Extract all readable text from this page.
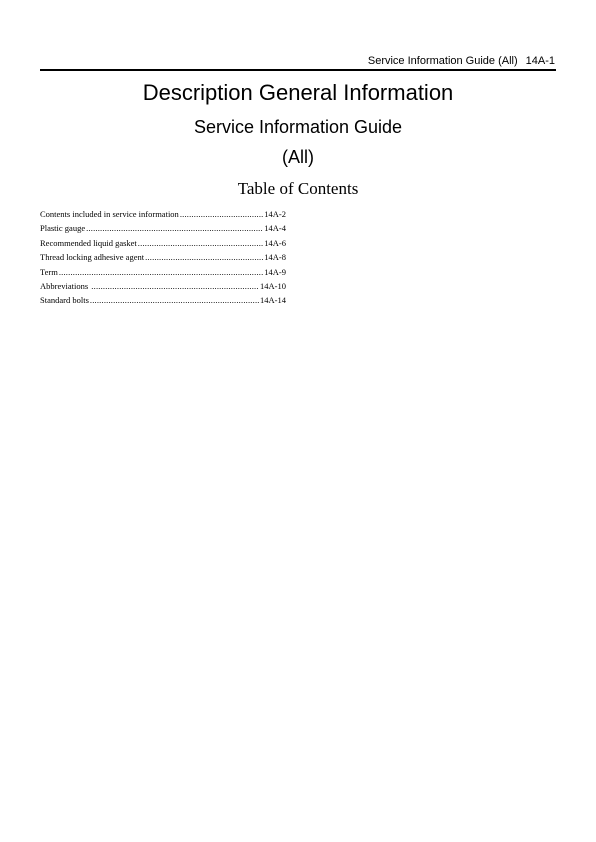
Service Information Guide (All) 14A-1
Description General Information
Service Information Guide
(All)
Table of Contents
Contents included in service information .....	14A-2
Plastic gauge .....	14A-4
Recommended liquid gasket .....	14A-6
Thread locking adhesive agent .....	14A-8
Term .....	14A-9
Abbreviations .....	14A-10
Standard bolts .....	14A-14
